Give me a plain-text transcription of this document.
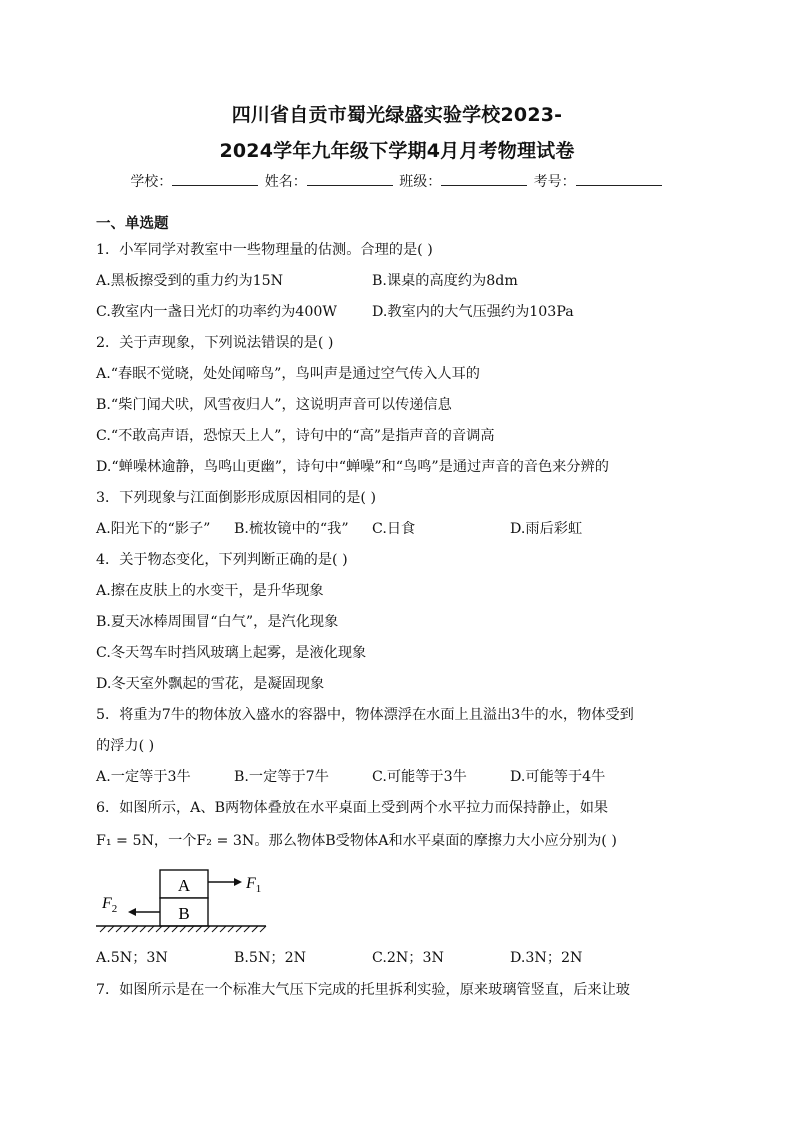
四川省自贡市蜀光绿盛实验学校2023-
2024学年九年级下学期4月月考物理试卷
学校：	姓名：	班级：	考号：
一、单选题
1．小军同学对教室中一些物理量的估测。合理的是( )
A.黑板擦受到的重力约为15N	B.课桌的高度约为8dm
C.教室内一盏日光灯的功率约为400W D.教室内的大气压强约为103Pa
2．关于声现象，下列说法错误的是( )
A.“春眠不觉晓，处处闻啼鸟”，鸟叫声是通过空气传入人耳的
B.“柴门闻犬吠，风雪夜归人”，这说明声音可以传递信息
C.“不敢高声语，恐惊天上人”，诗句中的“高”是指声音的音调高
D.“蝉噪林逾静，鸟鸣山更幽”，诗句中“蝉噪”和“鸟鸣”是通过声音的音色来分辨的
3．下列现象与江面倒影形成原因相同的是( )
A.阳光下的“影子” B.梳妆镜中的“我” C.日食	D.雨后彩虹
4．关于物态变化，下列判断正确的是( )
A.擦在皮肤上的水变干，是升华现象
B.夏天冰棒周围冒“白气”，是汽化现象
C.冬天驾车时挡风玻璃上起雾，是液化现象
D.冬天室外飘起的雪花，是凝固现象
5．将重为7牛的物体放入盛水的容器中，物体漂浮在水面上且溢出3牛的水，物体受到
的浮力( )
A.一定等于3牛	B.一定等于7牛	C.可能等于3牛	D.可能等于4牛
6．如图所示，A、B两物体叠放在水平桌面上受到两个水平拉力而保持静止，如果
F₁ = 5N，一个F₂ = 3N。那么物体B受物体A和水平桌面的摩擦力大小应分别为( )
A
B
$F_1$
$F_2$
A.5N；3N	B.5N；2N	C.2N；3N	D.3N；2N
7．如图所示是在一个标准大气压下完成的托里拆利实验，原来玻璃管竖直，后来让玻
